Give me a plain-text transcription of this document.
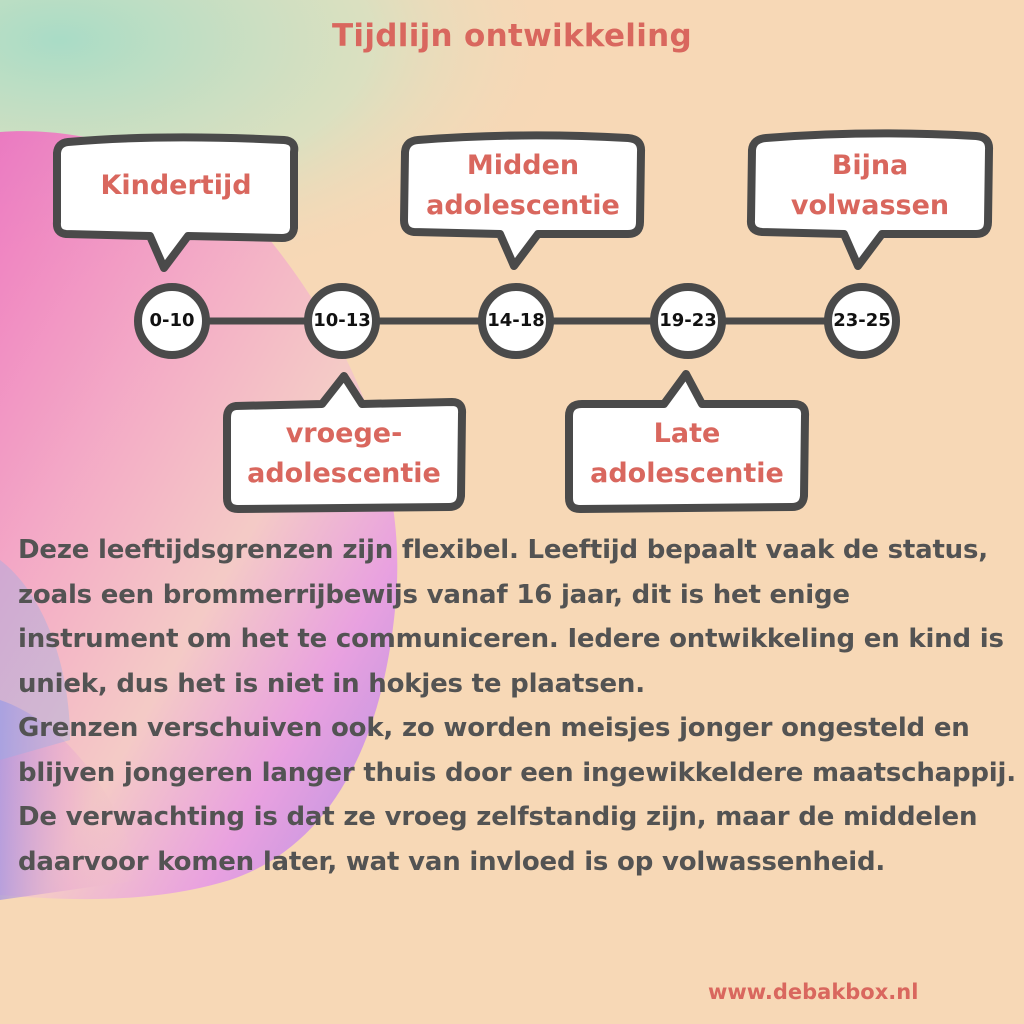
Tijdlijn ontwikkeling
0-10	10-13	14-18	19-23	23-25
Kindertijd
Midden
adolescentie
Bijna
volwassen
vroege-
adolescentie
Late
adolescentie

Deze leeftijdsgrenzen zijn flexibel. Leeftijd bepaalt vaak de status, zoals een brommerrijbewijs vanaf 16 jaar, dit is het enige instrument om het te communiceren. Iedere ontwikkeling en kind is uniek, dus het is niet in hokjes te plaatsen.

Grenzen verschuiven ook, zo worden meisjes jonger ongesteld en blijven jongeren langer thuis door een ingewikkeldere maatschappij. De verwachting is dat ze vroeg zelfstandig zijn, maar de middelen daarvoor komen later, wat van invloed is op volwassenheid.

www.debakbox.nl
